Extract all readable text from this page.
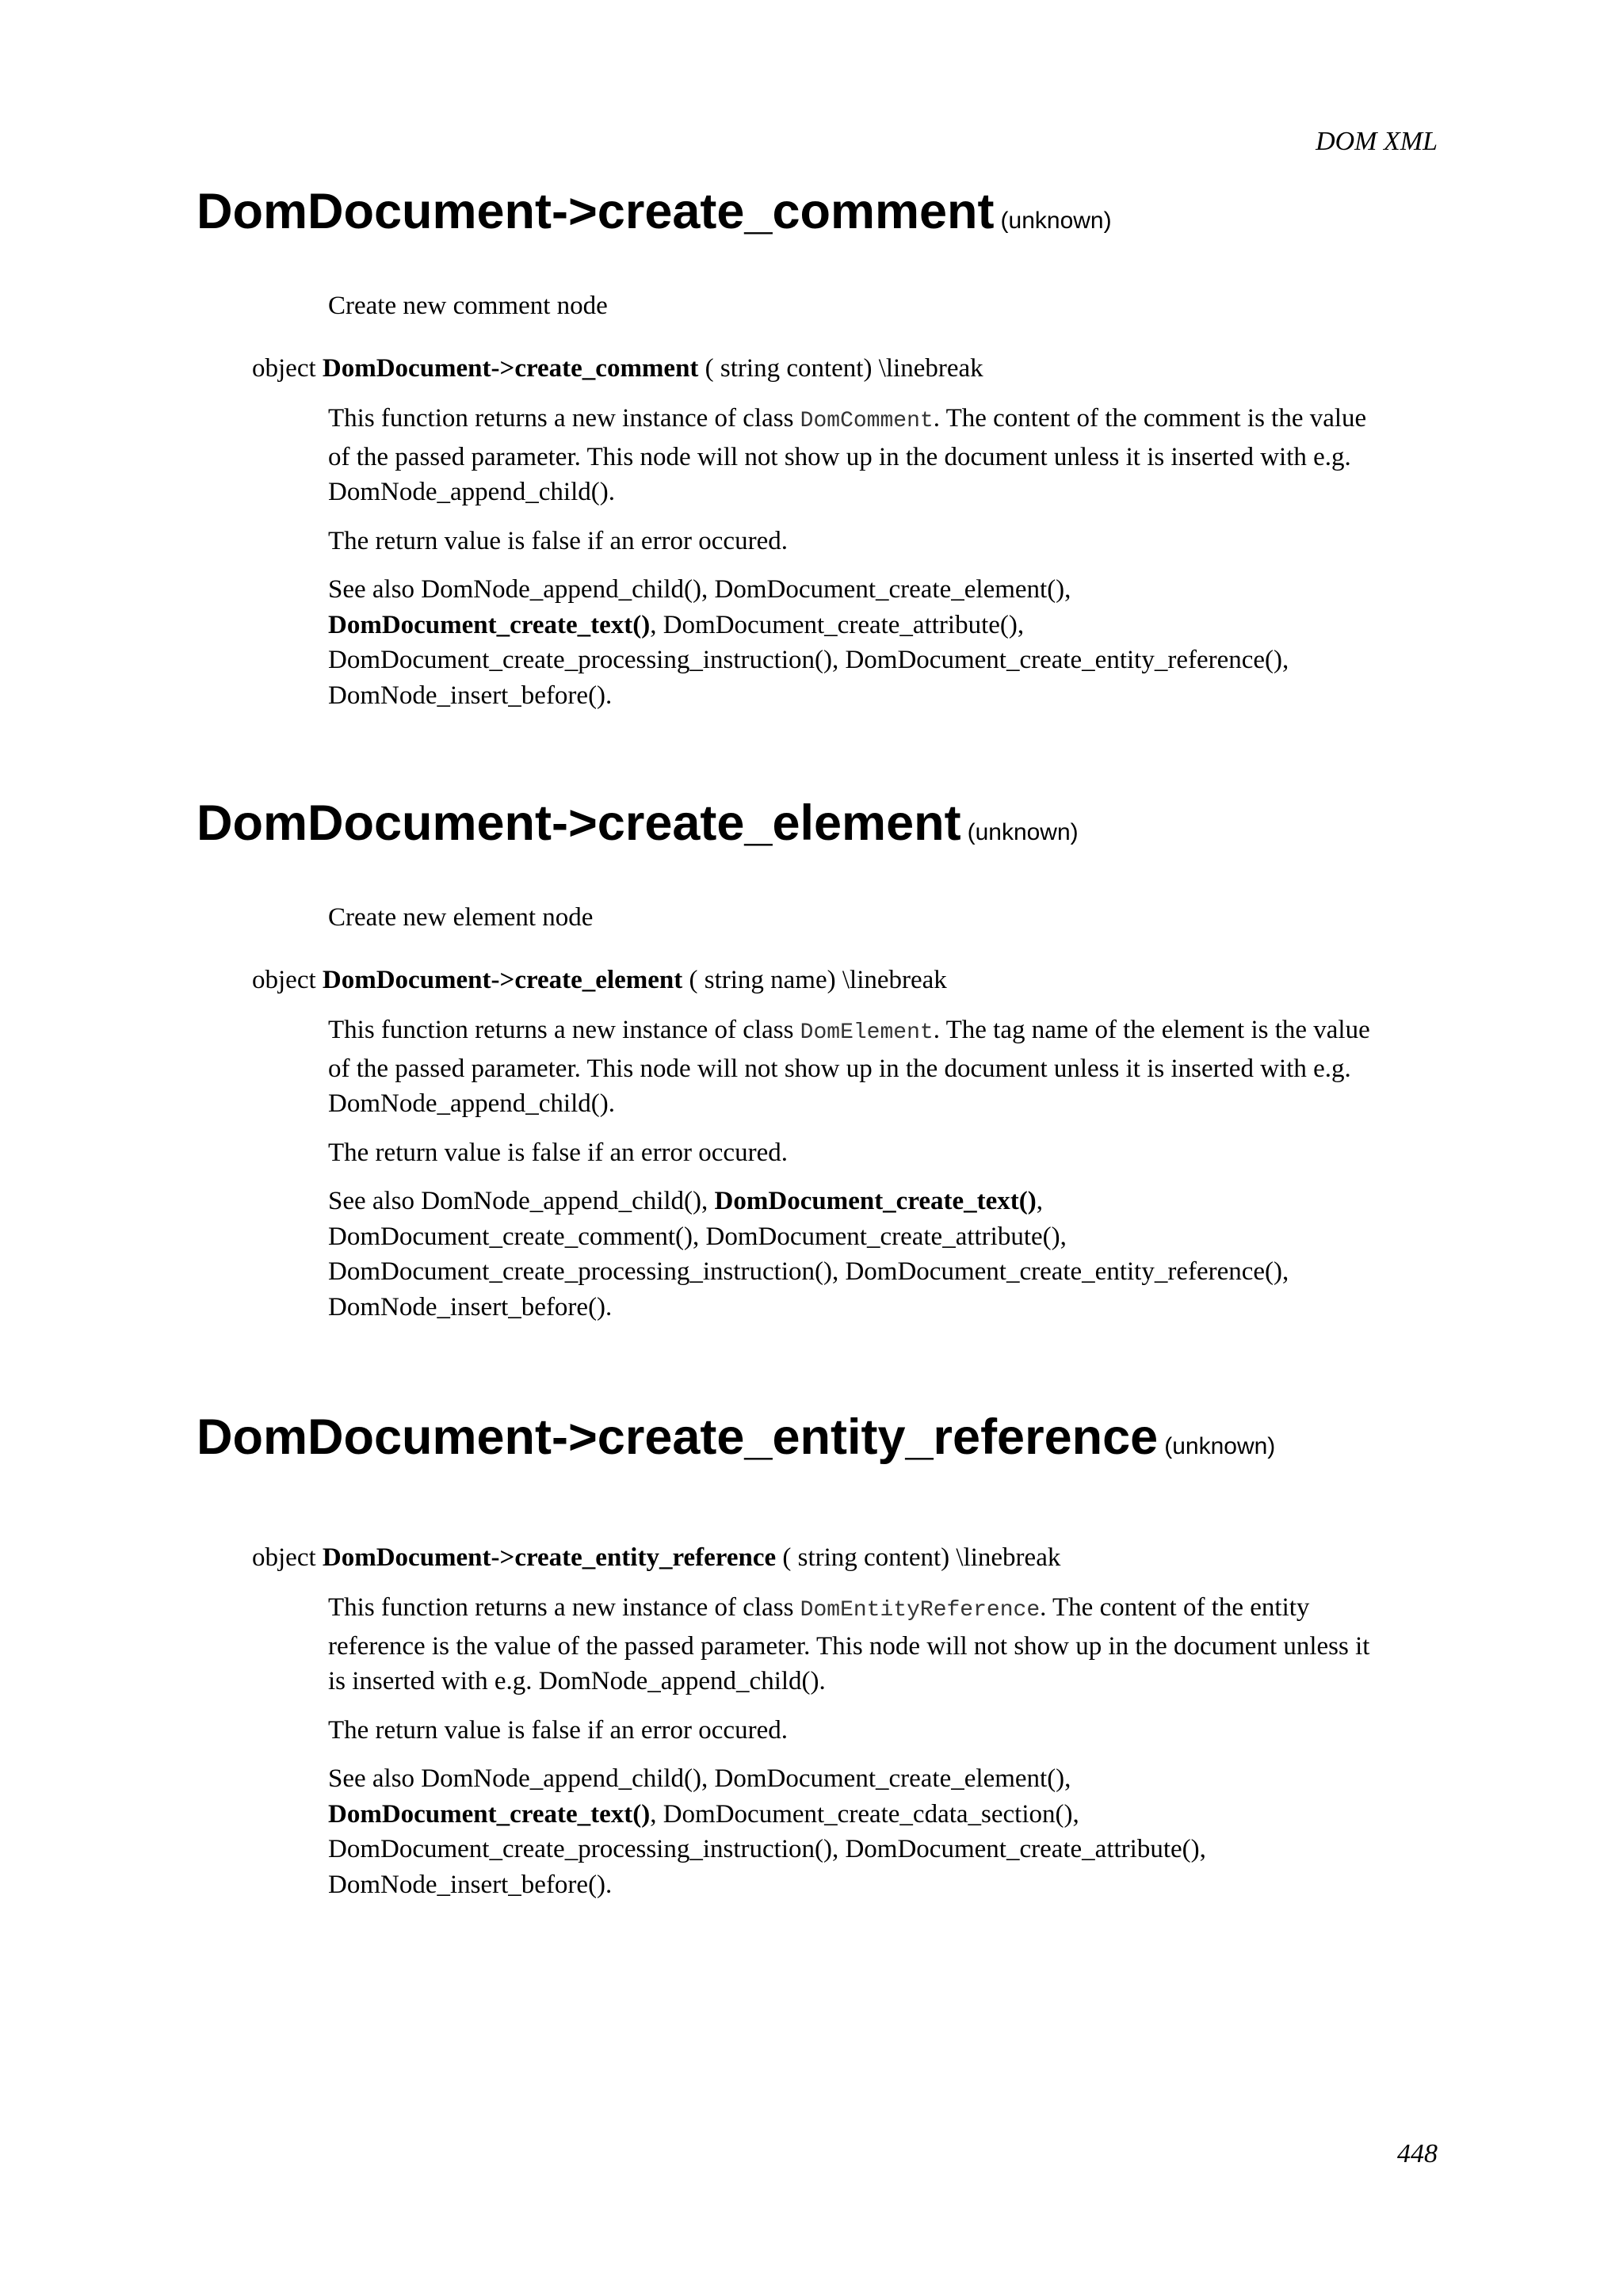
DOM XML
DomDocument->create_comment (unknown)

Create new comment node

object DomDocument->create_comment ( string content) \linebreak

This function returns a new instance of class DomComment. The content of the comment is the value
of the passed parameter. This node will not show up in the document unless it is inserted with e.g.
DomNode_append_child().

The return value is false if an error occured.

See also DomNode_append_child(), DomDocument_create_element(),
DomDocument_create_text(), DomDocument_create_attribute(),
DomDocument_create_processing_instruction(), DomDocument_create_entity_reference(),
DomNode_insert_before().

DomDocument->create_element (unknown)

Create new element node

object DomDocument->create_element ( string name) \linebreak

This function returns a new instance of class DomElement. The tag name of the element is the value
of the passed parameter. This node will not show up in the document unless it is inserted with e.g.
DomNode_append_child().

The return value is false if an error occured.

See also DomNode_append_child(), DomDocument_create_text(),
DomDocument_create_comment(), DomDocument_create_attribute(),
DomDocument_create_processing_instruction(), DomDocument_create_entity_reference(),
DomNode_insert_before().

DomDocument->create_entity_reference (unknown)

object DomDocument->create_entity_reference ( string content) \linebreak

This function returns a new instance of class DomEntityReference. The content of the entity
reference is the value of the passed parameter. This node will not show up in the document unless it
is inserted with e.g. DomNode_append_child().

The return value is false if an error occured.

See also DomNode_append_child(), DomDocument_create_element(),
DomDocument_create_text(), DomDocument_create_cdata_section(),
DomDocument_create_processing_instruction(), DomDocument_create_attribute(),
DomNode_insert_before().

448
